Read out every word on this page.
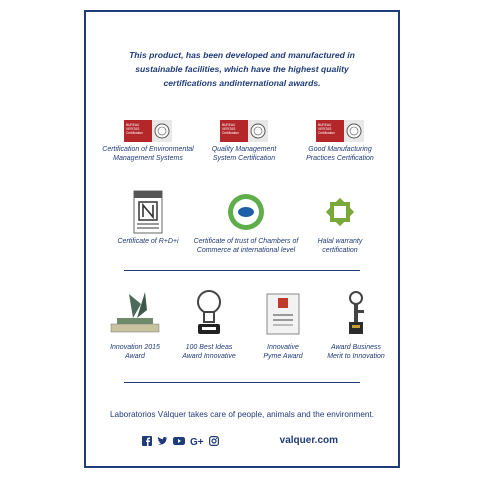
This product, has been developed and manufactured in
sustainable facilities, which have the highest quality
certifications andinternational awards.
BUREAU VERITAS Certification
Certification of Environmental
Management Systems
BUREAU VERITAS Certification
Quality Management
System Certification
BUREAU VERITAS Certification
Good Manufacturing
Practices Certification
Certificate of R+D+i	Certificate of trust of Chambers of
Commerce at international level
Halal warranty
certification
Innovation 2015
Award
100 Best Ideas
Award Innovative
Innovative
Pyme Award
Award Business
Merit to Innovation
Laboratorios Válquer takes care of people, animals and the environment.
G+	valquer.com
